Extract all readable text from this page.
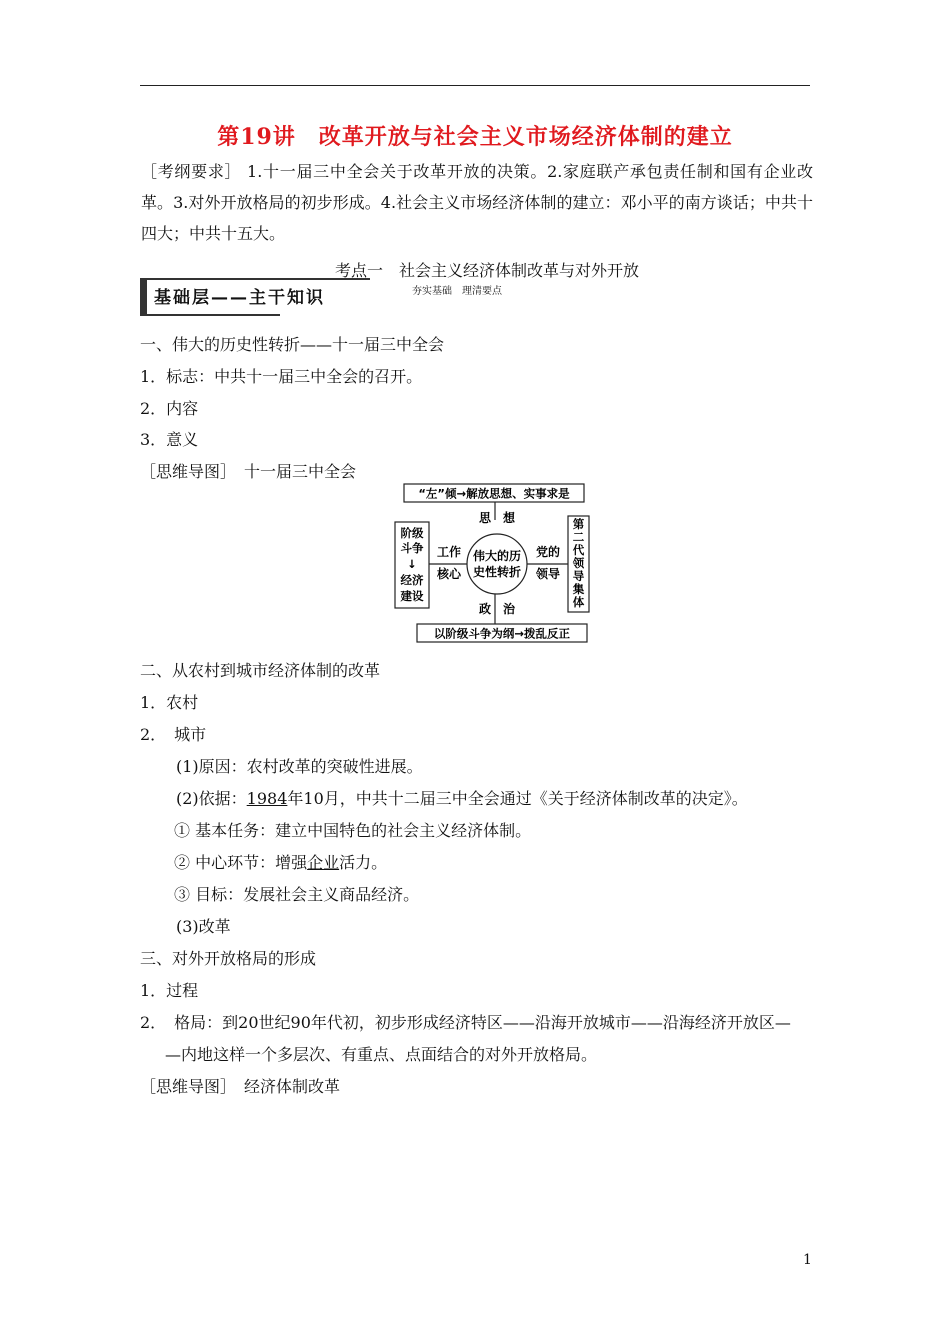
第19讲　改革开放与社会主义市场经济体制的建立
［考纲要求］ 1.十一届三中全会关于改革开放的决策。2.家庭联产承包责任制和国有企业改革。3.对外开放格局的初步形成。4.社会主义市场经济体制的建立：邓小平的南方谈话；中共十四大；中共十五大。
考点一　社会主义经济体制改革与对外开放
基础层——主干知识	夯实基础　理清要点
一、伟大的历史性转折——十一届三中全会
1．标志：中共十一届三中全会的召开。
2．内容
3．意义
［思维导图］　十一届三中全会
“左”倾→解放思想、实事求是
思　想
伟大的历
史性转折
阶级
斗争
↓
经济
建设
工作
核心
党的
领导
第
二
代
领
导
集
体
政　治
以阶级斗争为纲→拨乱反正
二、从农村到城市经济体制的改革
1．农村
2．　城市
(1)原因：农村改革的突破性进展。
(2)依据：1984年10月，中共十二届三中全会通过《关于经济体制改革的决定》。
① 基本任务：建立中国特色的社会主义经济体制。
② 中心环节：增强企业活力。
③ 目标：发展社会主义商品经济。
(3)改革
三、对外开放格局的形成
1．过程
2．　格局：到20世纪90年代初，初步形成经济特区——沿海开放城市——沿海经济开放区—
—内地这样一个多层次、有重点、点面结合的对外开放格局。
［思维导图］　经济体制改革
1
